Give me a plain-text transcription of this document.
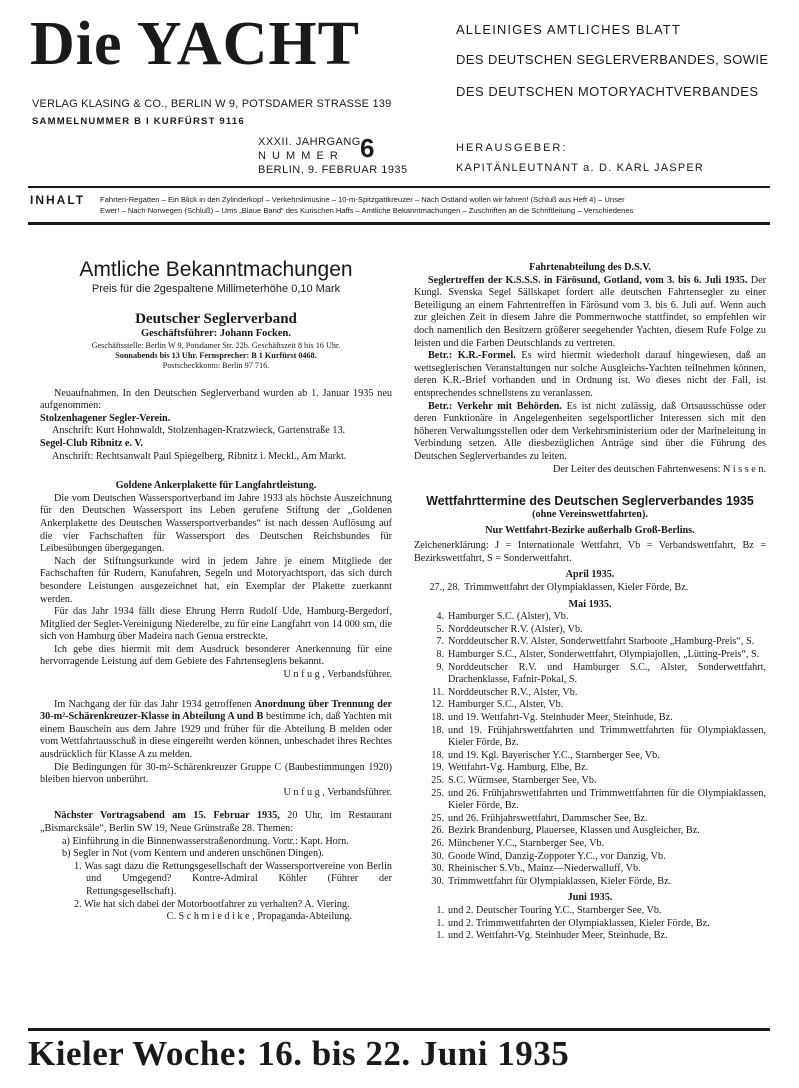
Die YACHT
VERLAG KLASING & CO., BERLIN W 9, POTSDAMER STRASSE 139
SAMMELNUMMER B I KURFÜRST 9116
ALLEINIGES AMTLICHES BLATT
DES DEUTSCHEN SEGLERVERBANDES, SOWIE
DES DEUTSCHEN MOTORYACHTVERBANDES
XXXII. JAHRGANG
N U M M E R 6
BERLIN, 9. FEBRUAR 1935
HERAUSGEBER:
KAPITÄNLEUTNANT a. D. KARL JASPER
INHALT Fahrten-Regatten – Ein Blick in den Zylinderkopf – Verkehrslimusine – 10-m-Spitzgattkreuzer – Nach Ostland wollen wir fahren! (Schluß aus Heft 4) – Unser
Ewer! – Nach Norwegen (Schluß) – Ums „Blaue Band“ des Kurischen Haffs – Amtliche Bekanntmachungen – Zuschriften an die Schriftleitung – Verschiedenes
Amtliche Bekanntmachungen
Preis für die 2gespaltene Millimeterhöhe 0,10 Mark
Deutscher Seglerverband
Geschäftsführer: Johann Focken.
Geschäftsstelle: Berlin W 9, Potsdamer Str. 22b. Geschäftszeit 8 bis 16 Uhr.
Sonnabends bis 13 Uhr. Fernsprecher: B 1 Kurfürst 0468.
Postscheckkonto: Berlin 97 716.

Neuaufnahmen. In den Deutschen Seglerverband wurden ab 1. Januar 1935 neu aufgenommen:

Stolzenhagener Segler-Verein.

Anschrift: Kurt Hohnwaldt, Stolzenhagen-Kratzwieck, Gartenstraße 13.

Segel-Club Ribnitz e. V.

Anschrift: Rechtsanwalt Paul Spiegelberg, Ribnitz i. Meckl., Am Markt.

Goldene Ankerplakette für Langfahrtleistung.

Die vom Deutschen Wassersportverband im Jahre 1933 als höchste Auszeichnung für den Deutschen Wassersport ins Leben gerufene Stiftung der „Goldenen Ankerplakette des Deutschen Wassersportverbandes“ ist nach dessen Auflösung auf die vier Fachschaften für Wassersport des Deutschen Reichsbundes für Leibesübungen übergegangen.

Nach der Stiftungsurkunde wird in jedem Jahre je einem Mitgliede der Fachschaften für Rudern, Kanufahren, Segeln und Motoryachtsport, das sich durch besondere Leistungen ausgezeichnet hat, ein Exemplar der Plakette zuerkannt werden.

Für das Jahr 1934 fällt diese Ehrung Herrn Rudolf Ude, Hamburg-Bergedorf, Mitglied der Segler-Vereinigung Niederelbe, zu für eine Langfahrt von 14 000 sm, die sich von Hamburg über Madeira nach Genua erstreckte.

Ich gebe dies hiermit mit dem Ausdruck besonderer Anerkennung für eine hervorragende Leistung auf dem Gebiete des Fahrtenseglens bekannt.

U n f u g , Verbandsführer.

Im Nachgang der für das Jahr 1934 getroffenen Anordnung über Trennung der 30-m²-Schärenkreuzer-Klasse in Abteilung A und B bestimme ich, daß Yachten mit einem Bauschein aus dem Jahre 1929 und früher für die Abteilung B melden oder vom Wettfahrtausschuß in diese eingereiht werden können, unbeschadet ihres Rechtes ausdrücklich für Klasse A zu melden.

Die Bedingungen für 30-m²-Schärenkreuzer Gruppe C (Baubestimmungen 1920) bleiben hiervon unberührt.

U n f u g , Verbandsführer.

Nächster Vortragsabend am 15. Februar 1935, 20 Uhr, im Restaurant „Bismarcksäle“, Berlin SW 19, Neue Grünstraße 28. Themen:

a) Einführung in die Binnenwasserstraßenordnung. Vortr.: Kapt. Horn.

b) Segler in Not (vom Kentern und anderen unschönen Dingen).

1. Was sagt dazu die Rettungsgesellschaft der Wassersportvereine von Berlin und Umgegend? Kontre-Admiral Köhler (Führer der Rettungsgesellschaft).

2. Wie hat sich dabei der Motorbootfahrer zu verhalten? A. Viering.

C. S c h m i e d i k e , Propaganda-Abteilung.

Fahrtenabteilung des D.S.V.

Seglertreffen der K.S.S.S. in Färösund, Gotland, vom 3. bis 6. Juli 1935. Der Kungl. Svenska Segel Sällskapet fordert alle deutschen Fahrtensegler zu einer Beteiligung an einem Fahrtentreffen in Färösund vom 3. bis 6. Juli auf. Wenn auch zur gleichen Zeit in diesem Jahre die Pommernwoche stattfindet, so empfehlen wir doch namentlich den Besitzern größerer seegehender Yachten, diesem Rufe Folge zu leisten und die Farben Deutschlands zu vertreten.

Betr.: K.R.-Formel. Es wird hiermit wiederholt darauf hingewiesen, daß an wettseglerischen Veranstaltungen nur solche Ausgleichs-Yachten teilnehmen können, deren K.R.-Brief vorhanden und in Ordnung ist. Wo dieses nicht der Fall, ist entsprechendes schnellstens zu veranlassen.

Betr.: Verkehr mit Behörden. Es ist nicht zulässig, daß Ortsausschüsse oder deren Funktionäre in Angelegenheiten segelsportlicher Interessen sich mit den höheren Verwaltungsstellen oder dem Verkehrsministerium oder der Marineleitung in Verbindung setzen. Alle diesbezüglichen Anträge sind über die Führung des Deutschen Seglerverbandes zu leiten.

Der Leiter des deutschen Fahrtenwesens: N i s s e n.

Wettfahrttermine des Deutschen Seglerverbandes 1935

(ohne Vereinswettfahrten).

Nur Wettfahrt-Bezirke außerhalb Groß-Berlins.

Zeichenerklärung: J = Internationale Wettfahrt, Vb = Verbandswettfahrt, Bz = Bezirkswettfahrt, S = Sonderwettfahrt.

April 1935.

27., 28. Trimmwettfahrt der Olympiaklassen, Kieler Förde, Bz.

Mai 1935.

4. Hamburger S.C. (Alster), Vb.
5. Norddeutscher R.V. (Alster), Vb.
7. Norddeutscher R.V. Alster, Sonderwettfahrt Starboote „Hamburg-Preis“, S.
8. Hamburger S.C., Alster, Sonderwettfahrt, Olympiajollen, „Lütting-Preis“, S.
9. Norddeutscher R.V. und Hamburger S.C., Alster, Sonderwettfahrt, Drachenklasse, Fafnir-Pokal, S.
11. Norddeutscher R.V., Alster, Vb.
12. Hamburger S.C., Alster, Vb.
18. und 19. Wettfahrt-Vg. Steinhuder Meer, Steinhude, Bz.
18. und 19. Frühjahrswettfahrten und Trimmwettfahrten für Olympiaklassen, Kieler Förde, Bz.
18. und 19. Kgl. Bayerischer Y.C., Starnberger See, Vb.
19. Wettfahrt-Vg. Hamburg, Elbe, Bz.
25. S.C. Würmsee, Starnberger See, Vb.
25. und 26. Frühjahrswettfahrten und Trimmwettfahrten für die Olympiaklassen, Kieler Förde, Bz.
25. und 26. Frühjahrswettfahrt, Dammscher See, Bz.
26. Bezirk Brandenburg, Plauersee, Klassen und Ausgleicher, Bz.
26. Münchener Y.C., Starnberger See, Vb.
30. Goode Wind, Danzig-Zoppoter Y.C., vor Danzig, Vb.
30. Rheinischer S.Vb., Mainz—Niederwalluff, Vb.
30. Trimmwettfahrt für Olympiaklassen, Kieler Förde, Bz.

Juni 1935.

1. und 2. Deutscher Touring Y.C., Starnberger See, Vb.
1. und 2. Trimmwettfahrten der Olympiaklassen, Kieler Förde, Bz.
1. und 2. Wettfahrt-Vg. Steinhuder Meer, Steinhude, Bz.
Kieler Woche: 16. bis 22. Juni 1935
